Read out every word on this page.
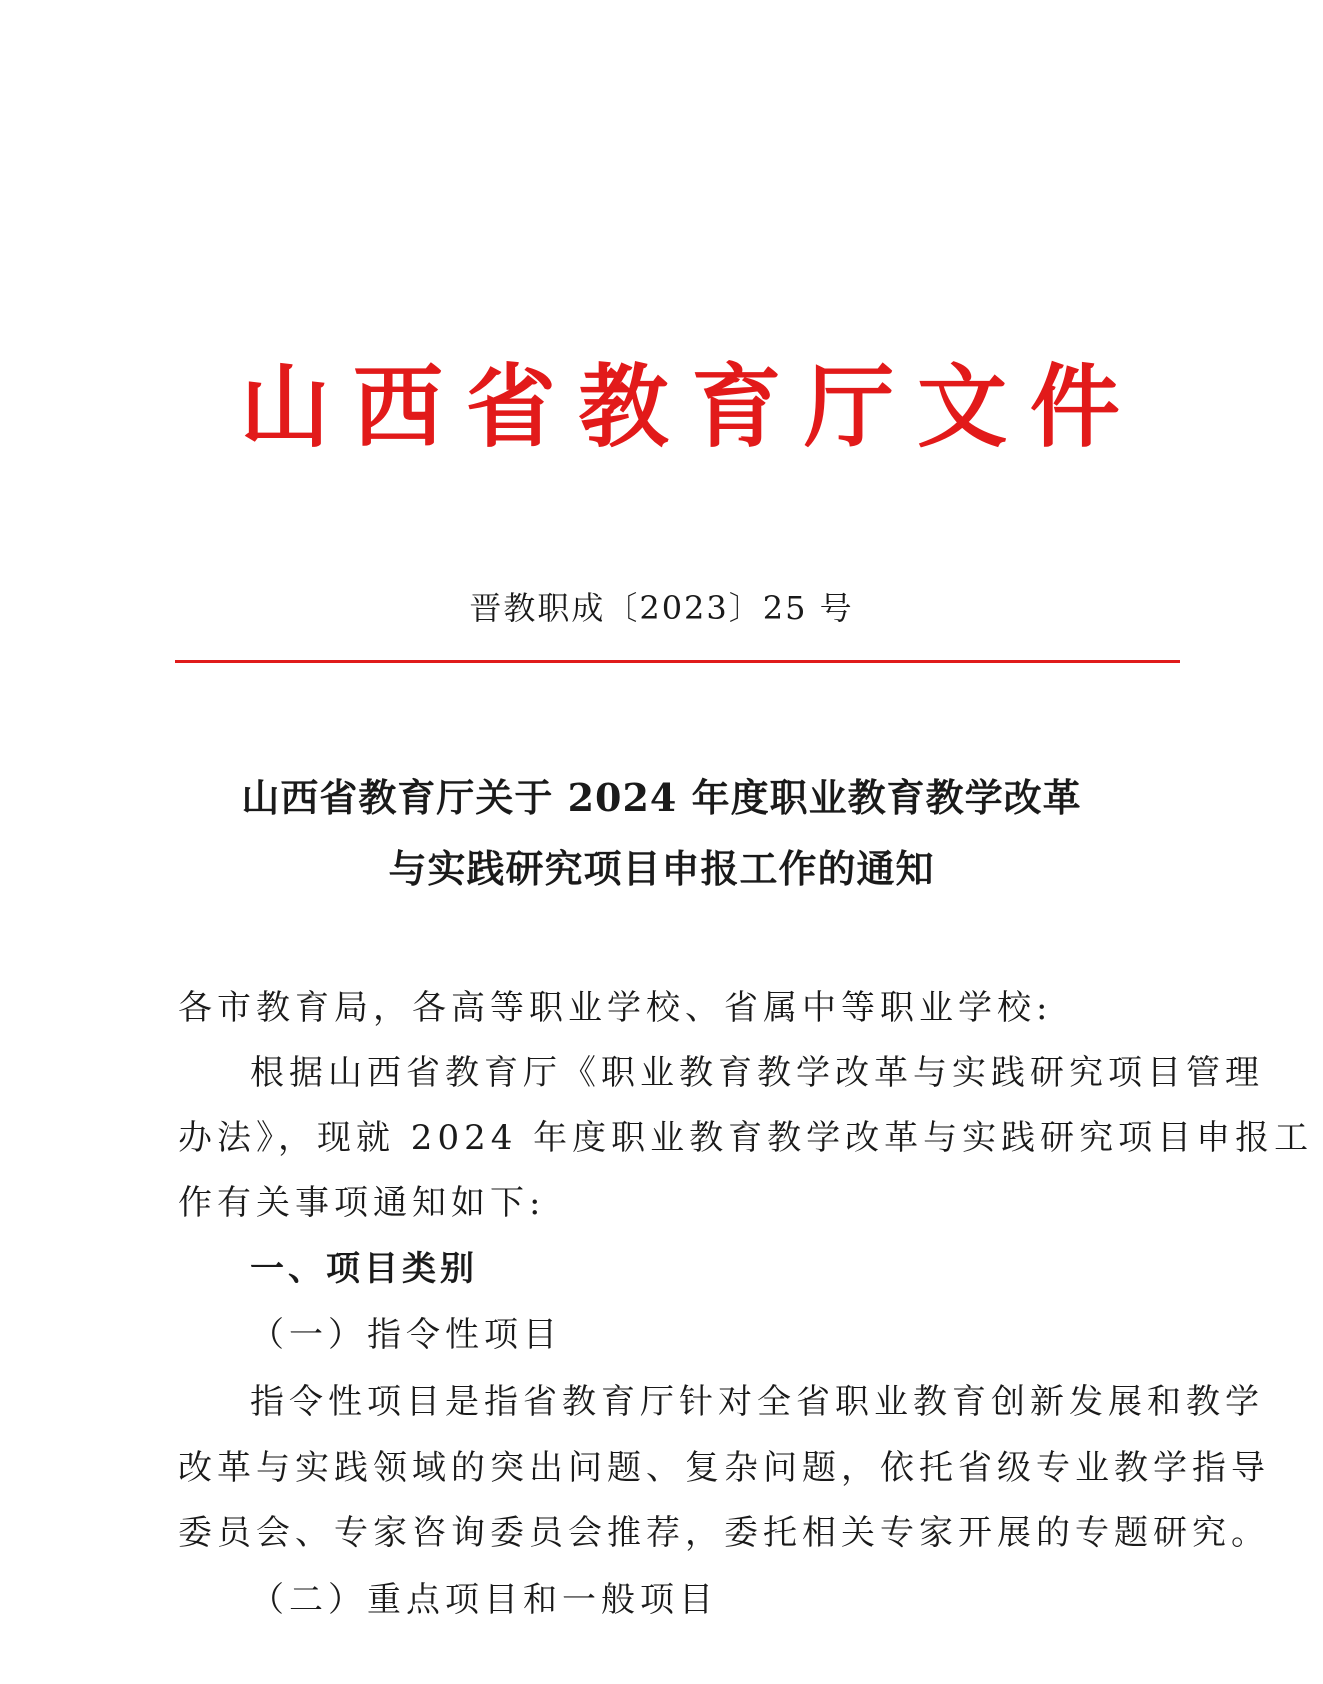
山 西 省 教 育 厅 文 件
晋教职成〔2023〕25 号
山西省教育厅关于 2024 年度职业教育教学改革
与实践研究项目申报工作的通知
各市教育局，各高等职业学校、省属中等职业学校:
根据山西省教育厅《职业教育教学改革与实践研究项目管理
办法》，现就 2024 年度职业教育教学改革与实践研究项目申报工
作有关事项通知如下:
一、项目类别
（一）指令性项目
指令性项目是指省教育厅针对全省职业教育创新发展和教学
改革与实践领域的突出问题、复杂问题，依托省级专业教学指导
委员会、专家咨询委员会推荐，委托相关专家开展的专题研究。
（二）重点项目和一般项目
